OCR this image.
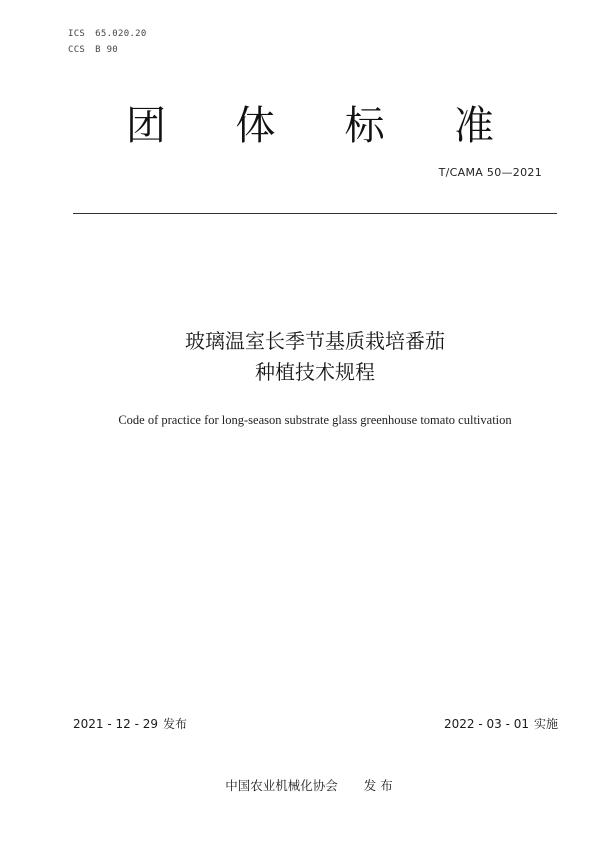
ICS 65.020.20
CCS B 90
团 体 标 准
T/CAMA 50—2021
玻璃温室长季节基质栽培番茄
种植技术规程
Code of practice for long-season substrate glass greenhouse tomato cultivation
2021 - 12 - 29 发布	2022 - 03 - 01 实施
中国农业机械化协会 发 布
